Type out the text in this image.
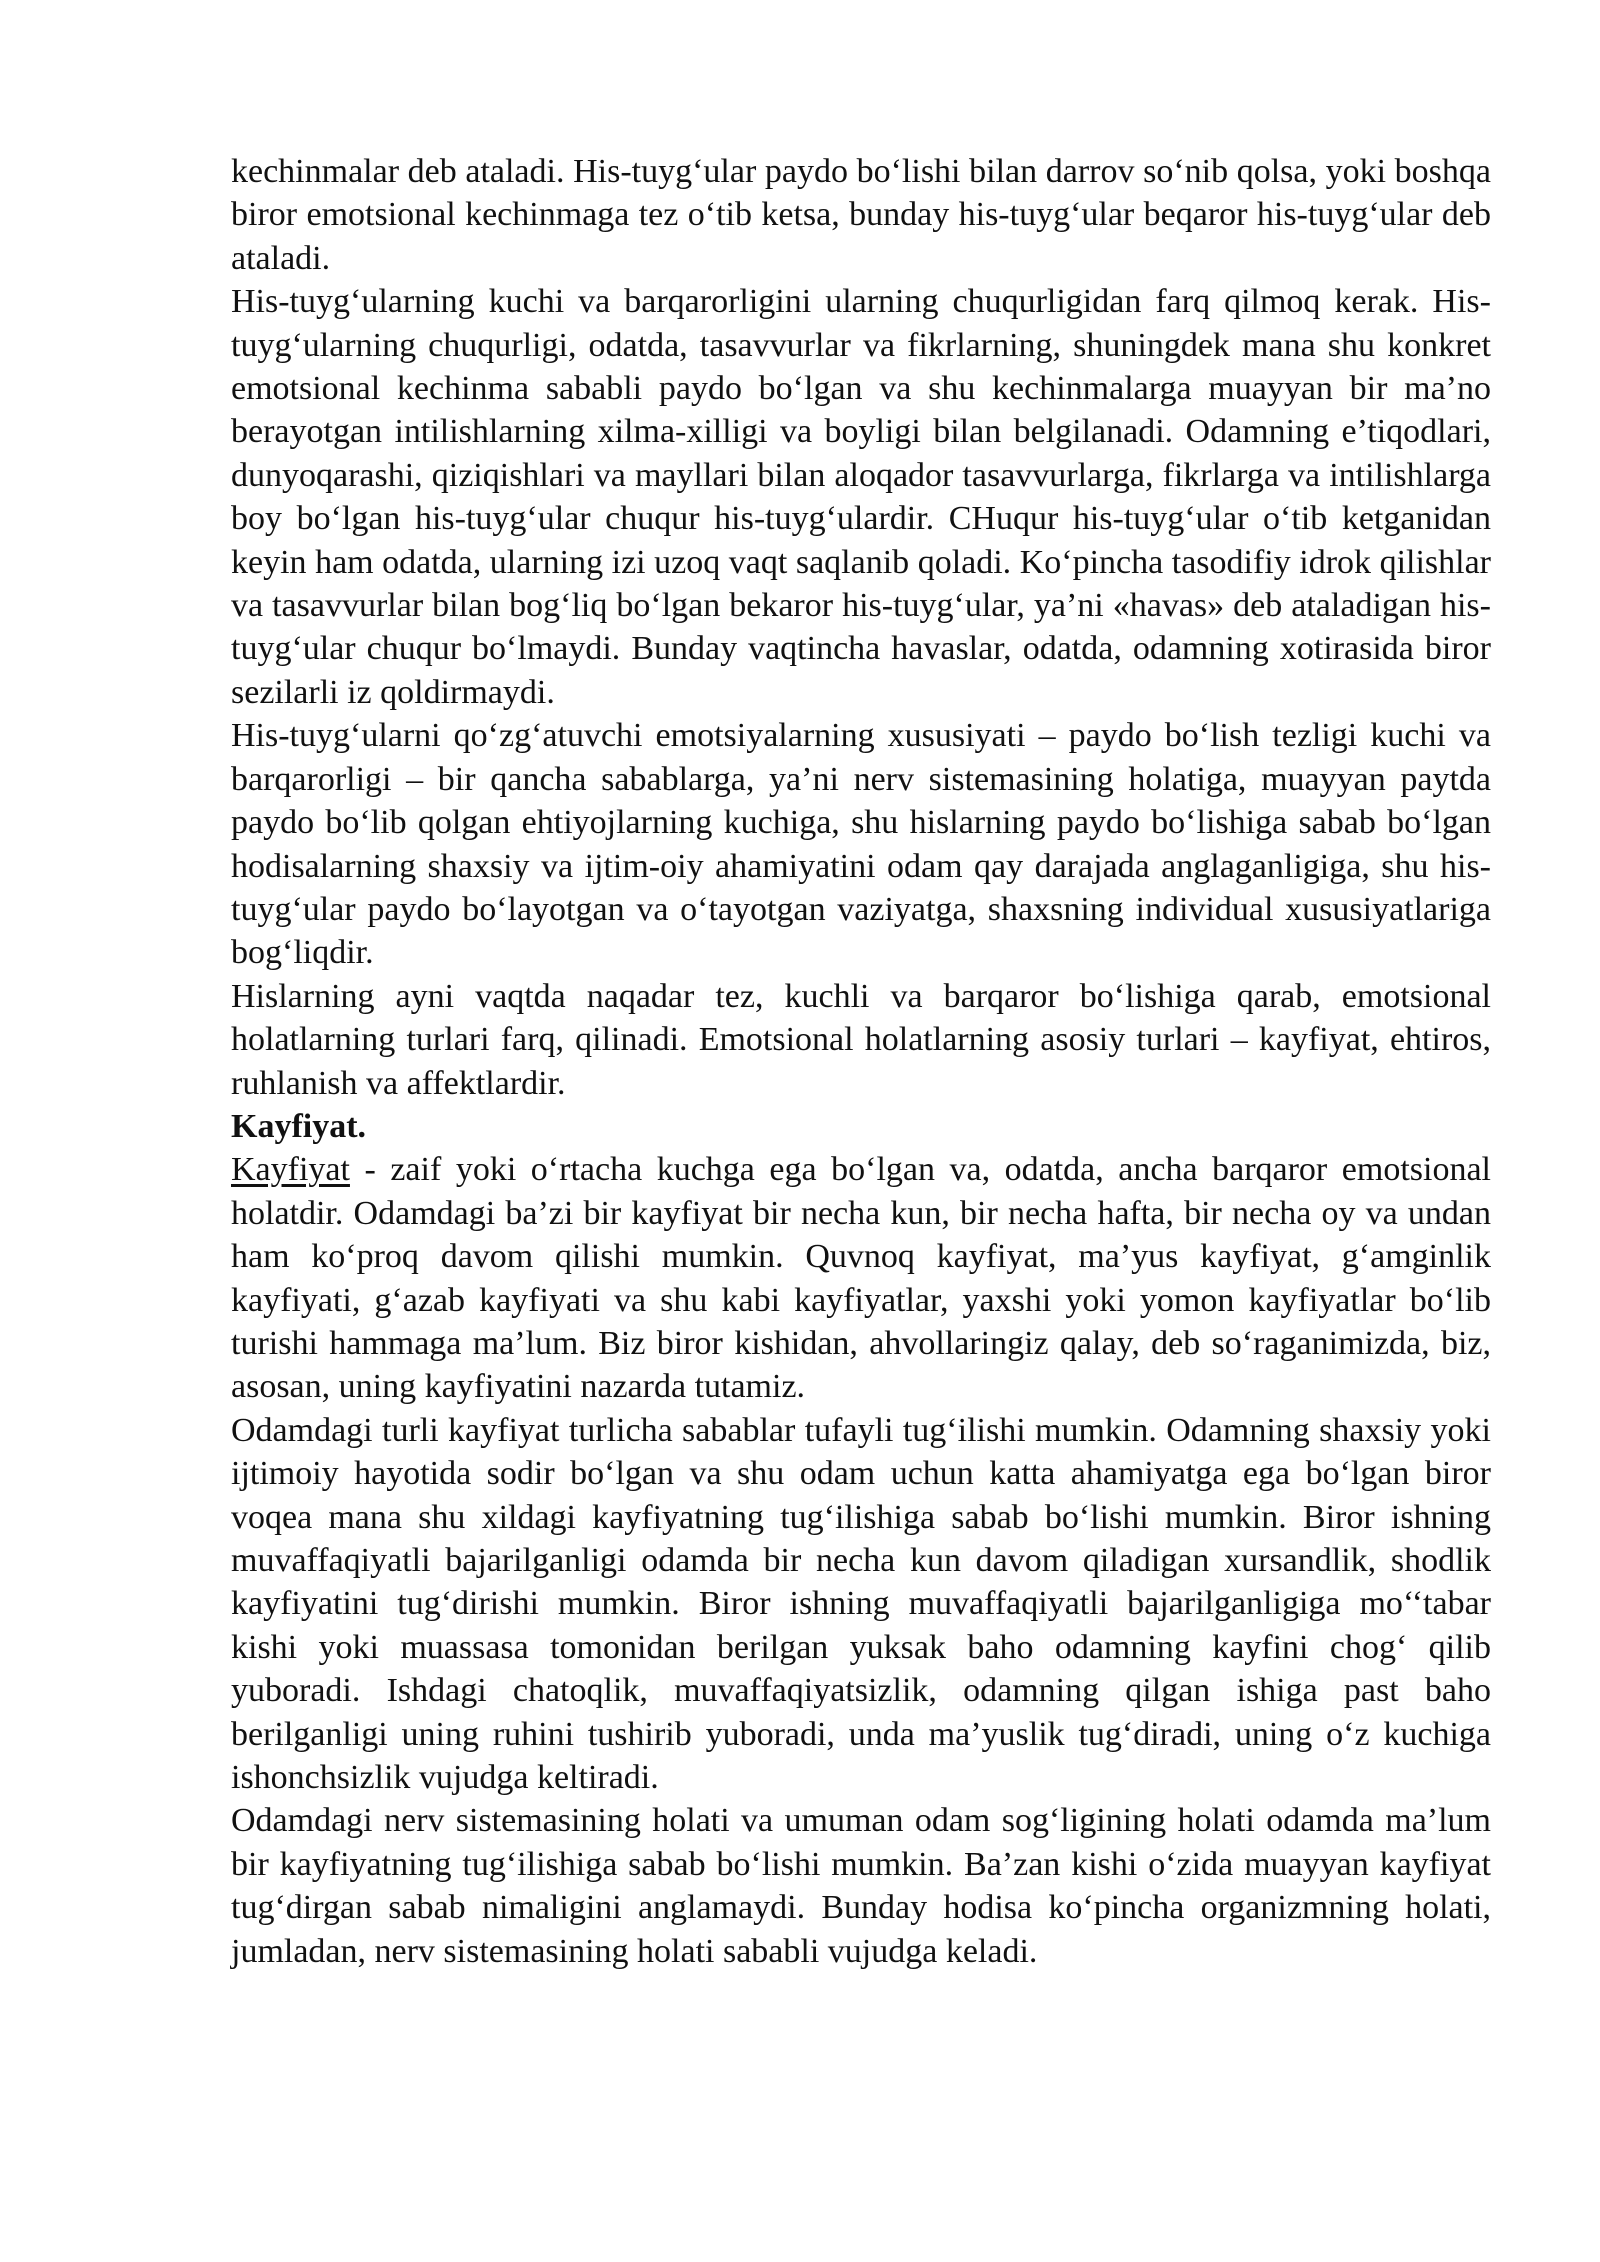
kechinmalar deb ataladi. His-tuyg‘ular paydo bo‘lishi bilan darrov so‘nib qolsa, yoki boshqa biror emotsional kechinmaga tez o‘tib ketsa, bunday his-tuyg‘ular beqaror his-tuyg‘ular deb ataladi.

His-tuyg‘ularning kuchi va barqarorligini ularning chuqurligidan farq qilmoq kerak. His-tuyg‘ularning chuqurligi, odatda, tasavvurlar va fikrlarning, shuningdek mana shu konkret emotsional kechinma sababli paydo bo‘lgan va shu kechinmalarga muayyan bir ma’no berayotgan intilishlarning xilma-xilligi va boyligi bilan belgilanadi. Odamning e’tiqodlari, dunyoqarashi, qiziqishlari va mayllari bilan aloqador tasavvurlarga, fikrlarga va intilishlarga boy bo‘lgan his-tuyg‘ular chuqur his-tuyg‘ulardir. CHuqur his-tuyg‘ular o‘tib ketganidan keyin ham odatda, ularning izi uzoq vaqt saqlanib qoladi. Ko‘pincha tasodifiy idrok qilishlar va tasavvurlar bilan bog‘liq bo‘lgan bekaror his-tuyg‘ular, ya’ni «havas» deb ataladigan his-tuyg‘ular chuqur bo‘lmaydi. Bunday vaqtincha havaslar, odatda, odamning xotirasida biror sezilarli iz qoldirmaydi.

His-tuyg‘ularni qo‘zg‘atuvchi emotsiyalarning xususiyati – paydo bo‘lish tezligi kuchi va barqarorligi – bir qancha sabablarga, ya’ni nerv sistemasining holatiga, muayyan paytda paydo bo‘lib qolgan ehtiyojlarning kuchiga, shu hislarning paydo bo‘lishiga sabab bo‘lgan hodisalarning shaxsiy va ijtim-oiy ahamiyatini odam qay darajada anglaganligiga, shu his-tuyg‘ular paydo bo‘layotgan va o‘tayotgan vaziyatga, shaxsning individual xususiyatlariga bog‘liqdir.

Hislarning ayni vaqtda naqadar tez, kuchli va barqaror bo‘lishiga qarab, emotsional holatlarning turlari farq, qilinadi. Emotsional holatlarning asosiy turlari – kayfiyat, ehtiros, ruhlanish va affektlardir.

Kayfiyat.

Kayfiyat - zaif yoki o‘rtacha kuchga ega bo‘lgan va, odatda, ancha barqaror emotsional holatdir. Odamdagi ba’zi bir kayfiyat bir necha kun, bir necha hafta, bir necha oy va undan ham ko‘proq davom qilishi mumkin. Quvnoq kayfiyat, ma’yus kayfiyat, g‘amginlik kayfiyati, g‘azab kayfiyati va shu kabi kayfiyatlar, yaxshi yoki yomon kayfiyatlar bo‘lib turishi hammaga ma’lum. Biz biror kishidan, ahvollaringiz qalay, deb so‘raganimizda, biz, asosan, uning kayfiyatini nazarda tutamiz.

Odamdagi turli kayfiyat turlicha sabablar tufayli tug‘ilishi mumkin. Odamning shaxsiy yoki ijtimoiy hayotida sodir bo‘lgan va shu odam uchun katta ahamiyatga ega bo‘lgan biror voqea mana shu xildagi kayfiyatning tug‘ilishiga sabab bo‘lishi mumkin. Biror ishning muvaffaqiyatli bajarilganligi odamda bir necha kun davom qiladigan xursandlik, shodlik kayfiyatini tug‘dirishi mumkin. Biror ishning muvaffaqiyatli bajarilganligiga mo‘‘tabar kishi yoki muassasa tomonidan berilgan yuksak baho odamning kayfini chog‘ qilib yuboradi. Ishdagi chatoqlik, muvaffaqiyatsizlik, odamning qilgan ishiga past baho berilganligi uning ruhini tushirib yuboradi, unda ma’yuslik tug‘diradi, uning o‘z kuchiga ishonchsizlik vujudga keltiradi.

Odamdagi nerv sistemasining holati va umuman odam sog‘ligining holati odamda ma’lum bir kayfiyatning tug‘ilishiga sabab bo‘lishi mumkin. Ba’zan kishi o‘zida muayyan kayfiyat tug‘dirgan sabab nimaligini anglamaydi. Bunday hodisa ko‘pincha organizmning holati, jumladan, nerv sistemasining holati sababli vujudga keladi.
